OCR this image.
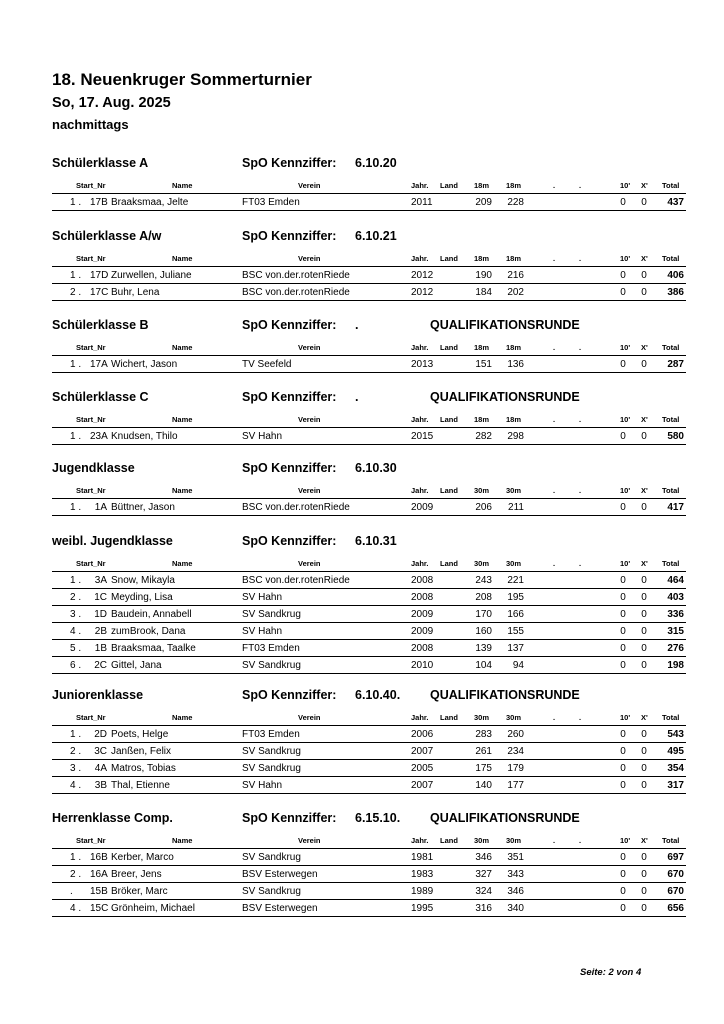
18. Neuenkruger Sommerturnier
So, 17. Aug. 2025
nachmittags
Schülerklasse A	SpO Kennziffer: 6.10.20
Start_Nr	Name	Verein	Jahr. Land 18m 18m	.	.	10' X' Total
1 . 17B Braaksmaa, Jelte	FT03 Emden	2011	209	228	0 0	437
Schülerklasse A/w	SpO Kennziffer: 6.10.21
Start_Nr	Name	Verein	Jahr. Land 18m 18m	.	.	10' X' Total
1 . 17D Zurwellen, Juliane	BSC von.der.rotenRiede	2012	190	216	0 0	406
2 . 17C Buhr, Lena	BSC von.der.rotenRiede	2012	184	202	0 0	386
Schülerklasse B	SpO Kennziffer: .	QUALIFIKATIONSRUNDE
Start_Nr	Name	Verein	Jahr. Land 18m 18m	.	.	10' X' Total
1 . 17A Wichert, Jason	TV Seefeld	2013	151	136	0 0	287
Schülerklasse C	SpO Kennziffer: .	QUALIFIKATIONSRUNDE
Start_Nr	Name	Verein	Jahr. Land 18m 18m	.	.	10' X' Total
1 . 23A Knudsen, Thilo	SV Hahn	2015	282	298	0 0	580
Jugendklasse	SpO Kennziffer: 6.10.30
Start_Nr	Name	Verein	Jahr. Land 30m 30m	.	.	10' X' Total
1 .	1A Büttner, Jason	BSC von.der.rotenRiede	2009	206	211	0 0	417
weibl. Jugendklasse	SpO Kennziffer: 6.10.31
Start_Nr	Name	Verein	Jahr. Land 30m 30m	.	.	10' X' Total
1 .	3A Snow, Mikayla	BSC von.der.rotenRiede	2008	243	221	0 0	464
2 .	1C Meyding, Lisa	SV Hahn	2008	208	195	0 0	403
3 .	1D Baudein, Annabell	SV Sandkrug	2009	170	166	0 0	336
4 .	2B zumBrook, Dana	SV Hahn	2009	160	155	0 0	315
5 .	1B Braaksmaa, Taalke	FT03 Emden	2008	139	137	0 0	276
6 .	2C Gittel, Jana	SV Sandkrug	2010	104	94	0 0	198
Juniorenklasse	SpO Kennziffer: 6.10.40. QUALIFIKATIONSRUNDE
Start_Nr	Name	Verein	Jahr. Land 30m 30m	.	.	10' X' Total
1 .	2D Poets, Helge	FT03 Emden	2006	283	260	0 0	543
2 .	3C Janßen, Felix	SV Sandkrug	2007	261	234	0 0	495
3 .	4A Matros, Tobias	SV Sandkrug	2005	175	179	0 0	354
4 .	3B Thal, Etienne	SV Hahn	2007	140	177	0 0	317
Herrenklasse Comp.	SpO Kennziffer: 6.15.10. QUALIFIKATIONSRUNDE
Start_Nr	Name	Verein	Jahr. Land 30m 30m	.	.	10' X' Total
1 . 16B Kerber, Marco	SV Sandkrug	1981	346	351	0 0	697
2 . 16A Breer, Jens	BSV Esterwegen	1983	327	343	0 0	670
. 15B Bröker, Marc	SV Sandkrug	1989	324	346	0 0	670
4 . 15C Grönheim, Michael	BSV Esterwegen	1995	316	340	0 0	656
Seite: 2 von 4
